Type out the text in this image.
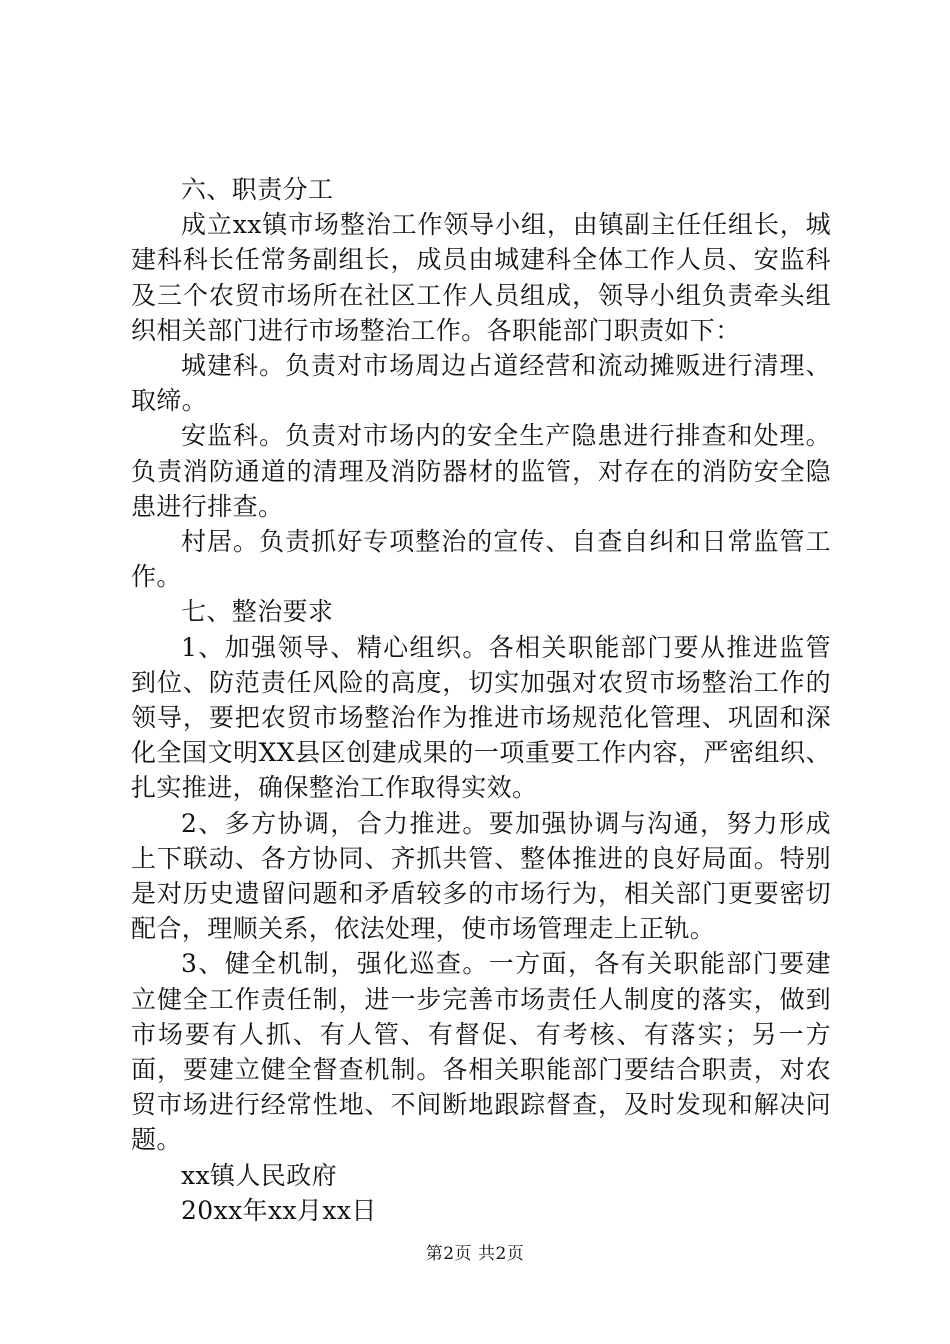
六、职责分工

成立xx镇市场整治工作领导小组，由镇副主任任组长，城建科科长任常务副组长，成员由城建科全体工作人员、安监科及三个农贸市场所在社区工作人员组成，领导小组负责牵头组织相关部门进行市场整治工作。各职能部门职责如下：

城建科。负责对市场周边占道经营和流动摊贩进行清理、取缔。

安监科。负责对市场内的安全生产隐患进行排查和处理。负责消防通道的清理及消防器材的监管，对存在的消防安全隐患进行排查。

村居。负责抓好专项整治的宣传、自查自纠和日常监管工作。

七、整治要求

1、加强领导、精心组织。各相关职能部门要从推进监管到位、防范责任风险的高度，切实加强对农贸市场整治工作的领导，要把农贸市场整治作为推进市场规范化管理、巩固和深化全国文明XX县区创建成果的一项重要工作内容，严密组织、扎实推进，确保整治工作取得实效。

2、多方协调，合力推进。要加强协调与沟通，努力形成上下联动、各方协同、齐抓共管、整体推进的良好局面。特别是对历史遗留问题和矛盾较多的市场行为，相关部门更要密切配合，理顺关系，依法处理，使市场管理走上正轨。

3、健全机制，强化巡查。一方面，各有关职能部门要建立健全工作责任制，进一步完善市场责任人制度的落实，做到市场要有人抓、有人管、有督促、有考核、有落实；另一方面，要建立健全督查机制。各相关职能部门要结合职责，对农贸市场进行经常性地、不间断地跟踪督查，及时发现和解决问题。

xx镇人民政府

20xx年xx月xx日

第2页 共2页
